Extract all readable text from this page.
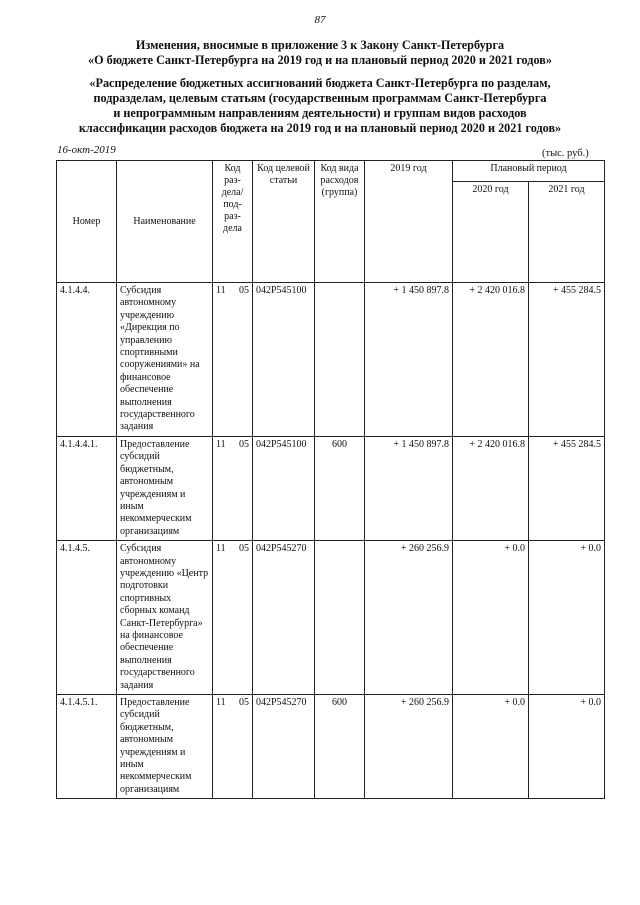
87
Изменения, вносимые в приложение 3 к Закону Санкт-Петербурга
«О бюджете Санкт-Петербурга на 2019 год и на плановый период 2020 и 2021 годов»
«Распределение бюджетных ассигнований бюджета Санкт-Петербурга по разделам,
подразделам, целевым статьям (государственным программам Санкт-Петербурга
и непрограммным направлениям деятельности) и группам видов расходов
классификации расходов бюджета на 2019 год и на плановый период 2020 и 2021 годов»
16-окт-2019	(тыс. руб.)
Номер	Наименование	Код раз-дела/ под-раз-дела	Код целевой статьи	Код вида расходов (группа)	2019 год	Плановый период	
						2020 год	2021 год
4.1.4.4.	Субсидия автономному учреждению «Дирекция по управлению спортивными сооружениями» на финансовое обеспечение выполнения государственного задания	11 05	042P545100		+ 1 450 897.8	+ 2 420 016.8	+ 455 284.5
4.1.4.4.1.	Предоставление субсидий бюджетным, автономным учреждениям и иным некоммерческим организациям	11 05	042P545100	600	+ 1 450 897.8	+ 2 420 016.8	+ 455 284.5
4.1.4.5.	Субсидия автономному учреждению «Центр подготовки спортивных сборных команд Санкт-Петербурга» на финансовое обеспечение выполнения государственного задания	11 05	042P545270		+ 260 256.9	+ 0.0	+ 0.0
4.1.4.5.1.	Предоставление субсидий бюджетным, автономным учреждениям и иным некоммерческим организациям	11 05	042P545270	600	+ 260 256.9	+ 0.0	+ 0.0
